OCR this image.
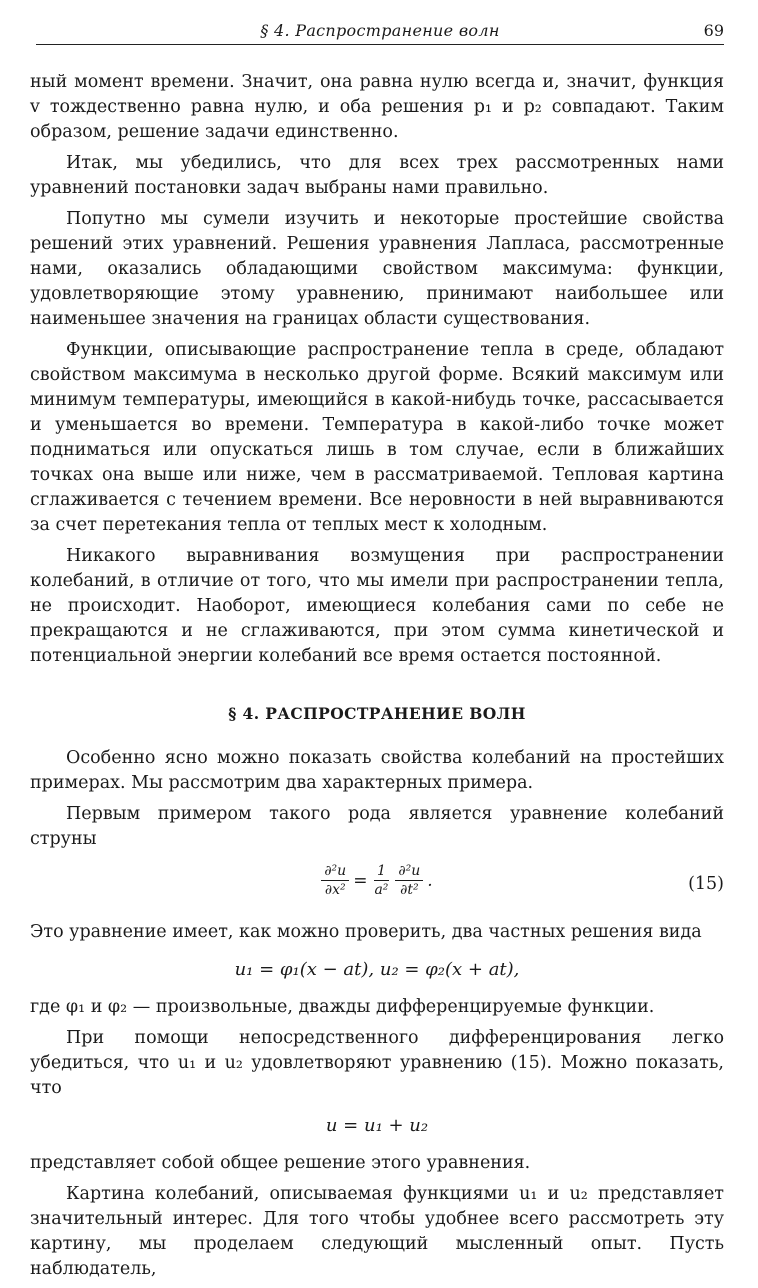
§ 4. Распространение волн	69

ный момент времени. Значит, она равна нулю всегда и, значит, функция v тождественно равна нулю, и оба решения p₁ и p₂ совпадают. Таким образом, решение задачи единственно.

Итак, мы убедились, что для всех трех рассмотренных нами уравнений постановки задач выбраны нами правильно.

Попутно мы сумели изучить и некоторые простейшие свойства решений этих уравнений. Решения уравнения Лапласа, рассмотренные нами, оказались обладающими свойством максимума: функции, удовлетворяющие этому уравнению, принимают наибольшее или наименьшее значения на границах области существования.

Функции, описывающие распространение тепла в среде, обладают свойством максимума в несколько другой форме. Всякий максимум или минимум температуры, имеющийся в какой-нибудь точке, рассасывается и уменьшается во времени. Температура в какой-либо точке может подниматься или опускаться лишь в том случае, если в ближайших точках она выше или ниже, чем в рассматриваемой. Тепловая картина сглаживается с течением времени. Все неровности в ней выравниваются за счет перетекания тепла от теплых мест к холодным.

Никакого выравнивания возмущения при распространении колебаний, в отличие от того, что мы имели при распространении тепла, не происходит. Наоборот, имеющиеся колебания сами по себе не прекращаются и не сглаживаются, при этом сумма кинетической и потенциальной энергии колебаний все время остается постоянной.

§ 4. РАСПРОСТРАНЕНИЕ ВОЛН

Особенно ясно можно показать свойства колебаний на простейших примерах. Мы рассмотрим два характерных примера.

Первым примером такого рода является уравнение колебаний струны

$\frac{\text{∂²u}}{\text{∂x²}} = \frac{1}{\text{a²}} \frac{\text{∂²u}}{\text{∂t²}}$ .	(15)

Это уравнение имеет, как можно проверить, два частных решения вида

u₁ = φ₁(x − at), u₂ = φ₂(x + at),

где φ₁ и φ₂ — произвольные, дважды дифференцируемые функции.

При помощи непосредственного дифференцирования легко убедиться, что u₁ и u₂ удовлетворяют уравнению (15). Можно показать, что

u = u₁ + u₂

представляет собой общее решение этого уравнения.

Картина колебаний, описываемая функциями u₁ и u₂ представляет значительный интерес. Для того чтобы удобнее всего рассмотреть эту картину, мы проделаем следующий мысленный опыт. Пусть наблюдатель,
